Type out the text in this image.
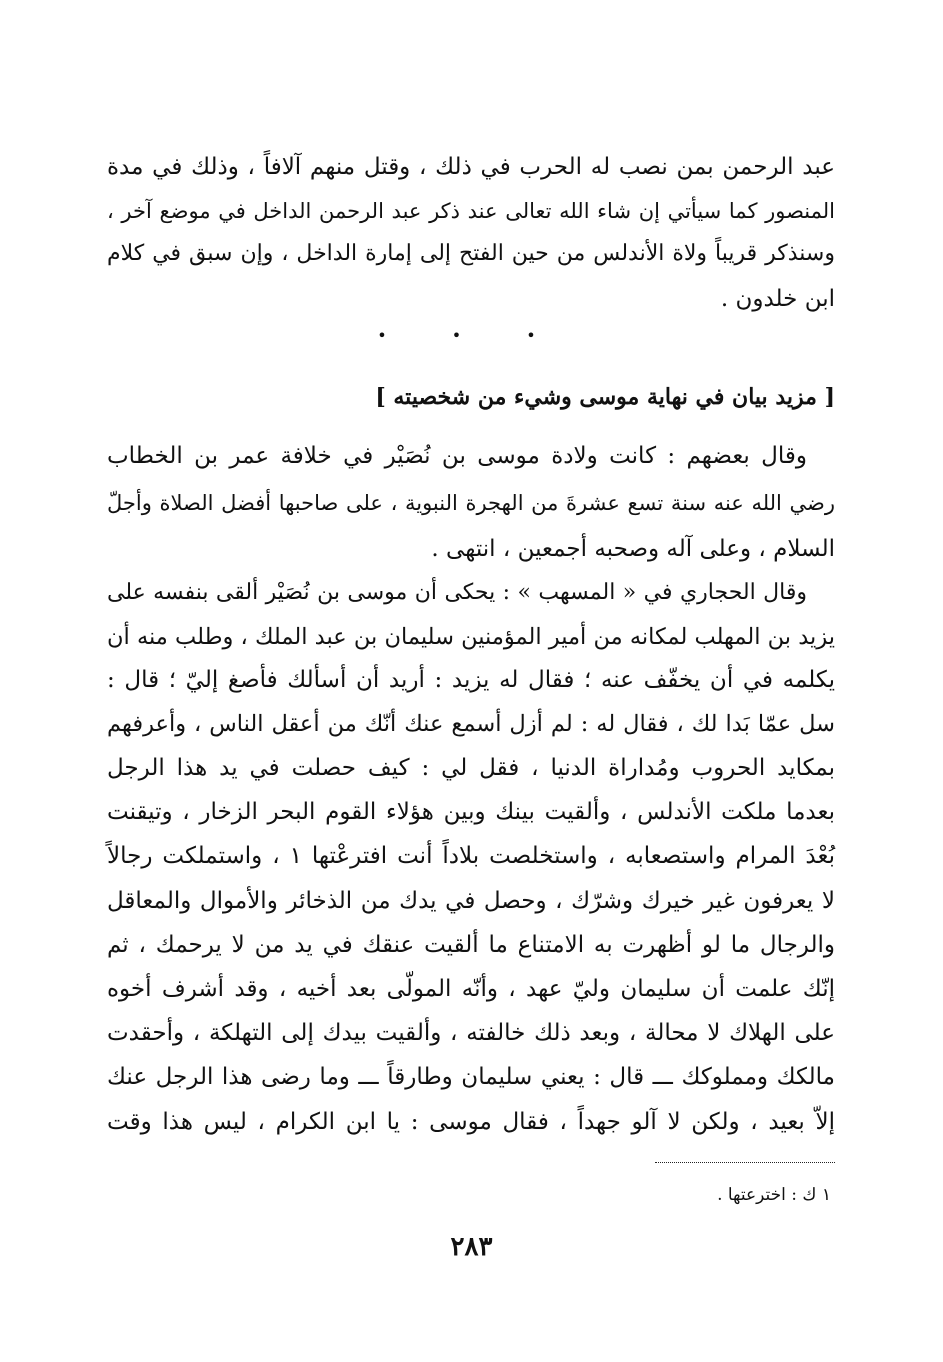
عبد الرحمن بمن نصب له الحرب في ذلك ، وقتل منهم آلافاً ، وذلك في مدة
المنصور كما سيأتي إن شاء الله تعالى عند ذكر عبد الرحمن الداخل في موضع آخر ،
وسنذكر قريباً ولاة الأندلس من حين الفتح إلى إمارة الداخل ، وإن سبق في كلام
ابن خلدون .
• • •
[ مزيد بيان في نهاية موسى وشيء من شخصيته ]
وقال بعضهم : كانت ولادة موسى بن نُصَيْر في خلافة عمر بن الخطاب
رضي الله عنه سنة تسع عشرةَ من الهجرة النبوية ، على صاحبها أفضل الصلاة وأجلّ
السلام ، وعلى آله وصحبه أجمعين ، انتهى .
وقال الحجاري في « المسهب » : يحكى أن موسى بن نُصَيْر ألقى بنفسه على
يزيد بن المهلب لمكانه من أمير المؤمنين سليمان بن عبد الملك ، وطلب منه أن
يكلمه في أن يخفّف عنه ؛ فقال له يزيد : أريد أن أسألك فأصغ إليّ ؛ قال :
سل عمّا بَدا لك ، فقال له : لم أزل أسمع عنك أنّك من أعقل الناس ، وأعرفهم
بمكايد الحروب ومُداراة الدنيا ، فقل لي : كيف حصلت في يد هذا الرجل
بعدما ملكت الأندلس ، وألقيت بينك وبين هؤلاء القوم البحر الزخار ، وتيقنت
بُعْدَ المرام واستصعابه ، واستخلصت بلاداً أنت افترعْتها ١ ، واستملكت رجالاً
لا يعرفون غير خيرك وشرّك ، وحصل في يدك من الذخائر والأموال والمعاقل
والرجال ما لو أظهرت به الامتناع ما ألقيت عنقك في يد من لا يرحمك ، ثم
إنّك علمت أن سليمان وليّ عهد ، وأنّه المولّى بعد أخيه ، وقد أشرف أخوه
على الهلاك لا محالة ، وبعد ذلك خالفته ، وألقيت بيدك إلى التهلكة ، وأحقدت
مالكك ومملوكك ـــ قال : يعني سليمان وطارقاً ـــ وما رضى هذا الرجل عنك
إلاّ بعيد ، ولكن لا آلو جهداً ، فقال موسى : يا ابن الكرام ، ليس هذا وقت
١ ك : اخترعتها .
٢٨٣
